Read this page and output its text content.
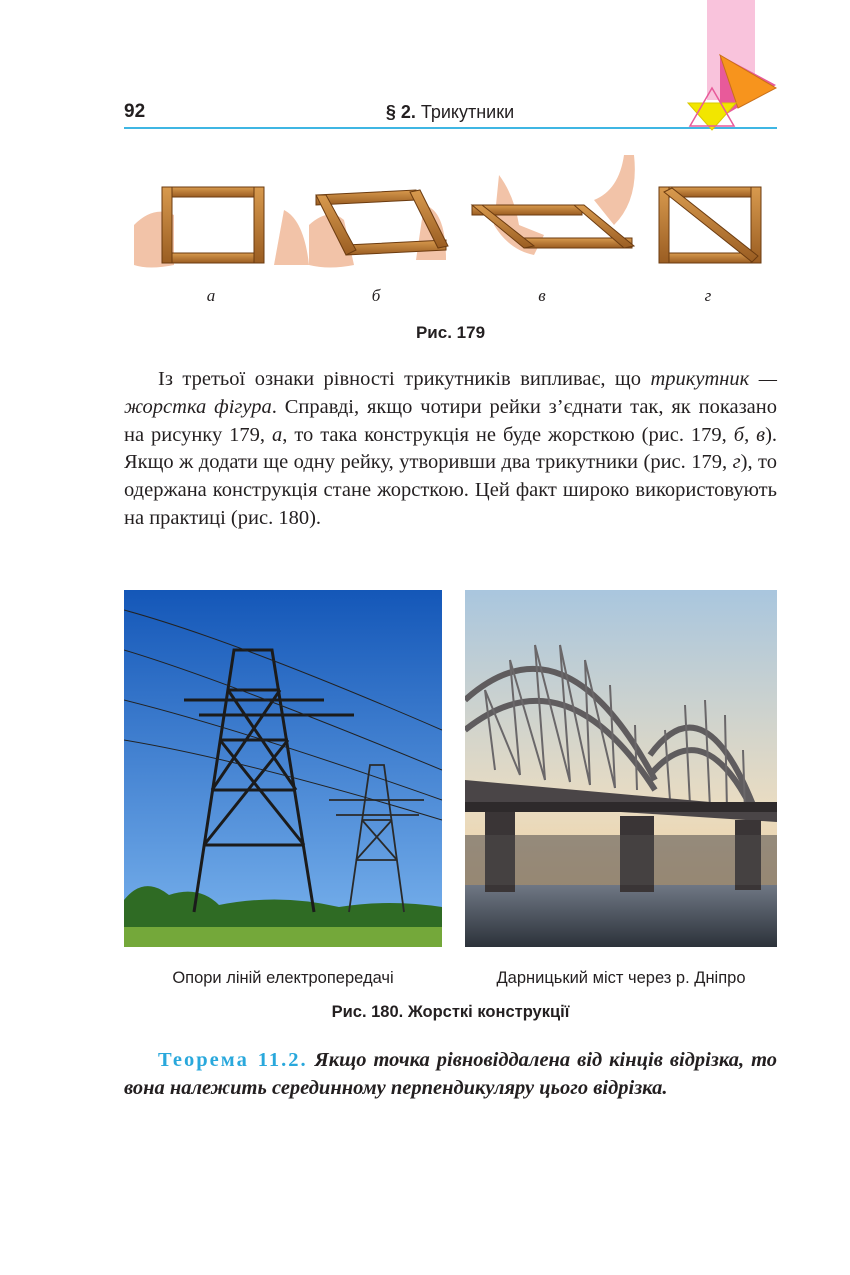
92	§ 2. Трикутники
а	б	в	г
Рис. 179

Із третьої ознаки рівності трикутників випливає, що трикутник — жорстка фігура. Справді, якщо чотири рейки з’єднати так, як показано на рисунку 179, а, то така конструкція не буде жорсткою (рис. 179, б, в). Якщо ж додати ще одну рейку, утворивши два трикутники (рис. 179, г), то одержана конструкція стане жорсткою. Цей факт широко використовують на практиці (рис. 180).

Опори ліній електропередачі	Дарницький міст через р. Дніпро
Рис. 180. Жорсткі конструкції

Теорема 11.2. Якщо точка рівновіддалена від кінців відрізка, то вона належить серединному перпендикуляру цього відрізка.
